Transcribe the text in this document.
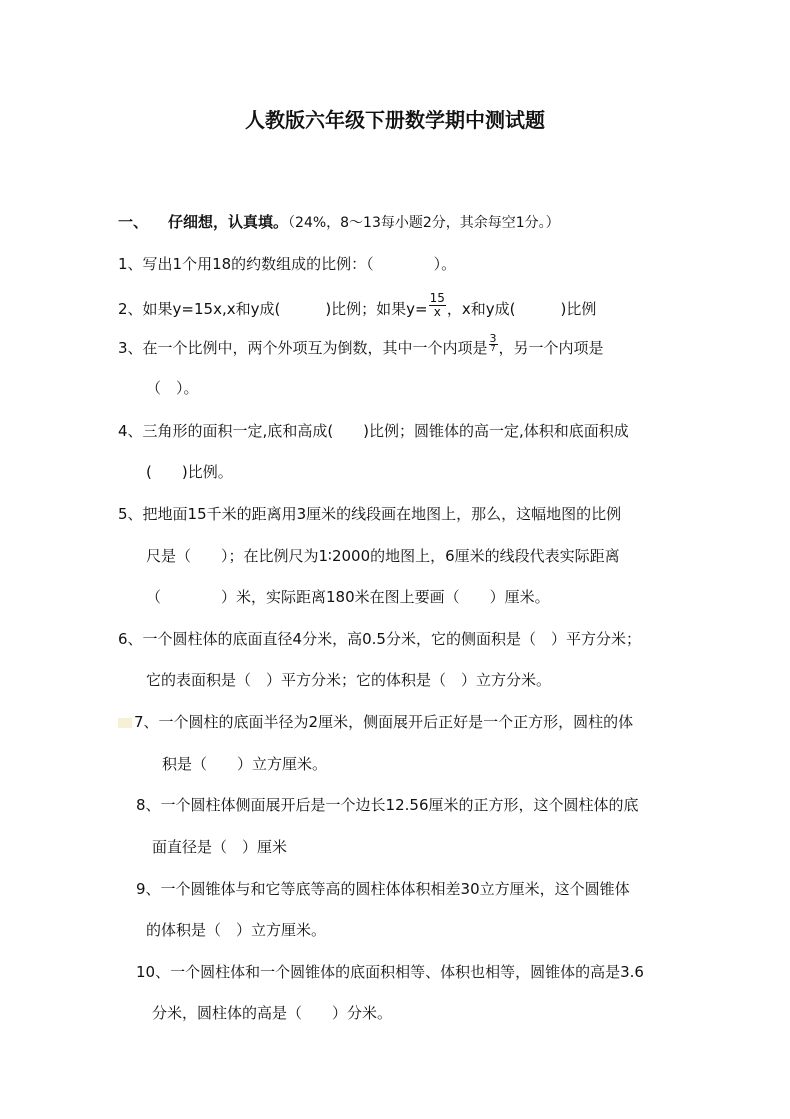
人教版六年级下册数学期中测试题
一、 仔细想，认真填。（24%，8～13每小题2分，其余每空1分。）
1、写出1个用18的约数组成的比例：（　　　　）。
2、如果y=15x,x和y成(　　　)比例；如果$y= \frac{15}{x}$ ，x和y成(　　　)比例
3、在一个比例中，两个外项互为倒数，其中一个内项是 $\frac{3}{7}$ ，另一个内项是
（　）。
4、三角形的面积一定,底和高成(　　)比例；圆锥体的高一定,体积和底面积成
(　　)比例。
5、把地面15千米的距离用3厘米的线段画在地图上，那么，这幅地图的比例
尺是（　　）；在比例尺为1∶2000的地图上，6厘米的线段代表实际距离
（　　　　）米，实际距离180米在图上要画（　　）厘米。
6、一个圆柱体的底面直径4分米，高0.5分米，它的侧面积是（　）平方分米；
它的表面积是（　）平方分米；它的体积是（　）立方分米。
7、一个圆柱的底面半径为2厘米，侧面展开后正好是一个正方形，圆柱的体
积是（　　）立方厘米。
8、一个圆柱体侧面展开后是一个边长12.56厘米的正方形，这个圆柱体的底
面直径是（　）厘米
9、一个圆锥体与和它等底等高的圆柱体体积相差30立方厘米，这个圆锥体
的体积是（　）立方厘米。
10、一个圆柱体和一个圆锥体的底面积相等、体积也相等，圆锥体的高是3.6
分米，圆柱体的高是（　　）分米。
